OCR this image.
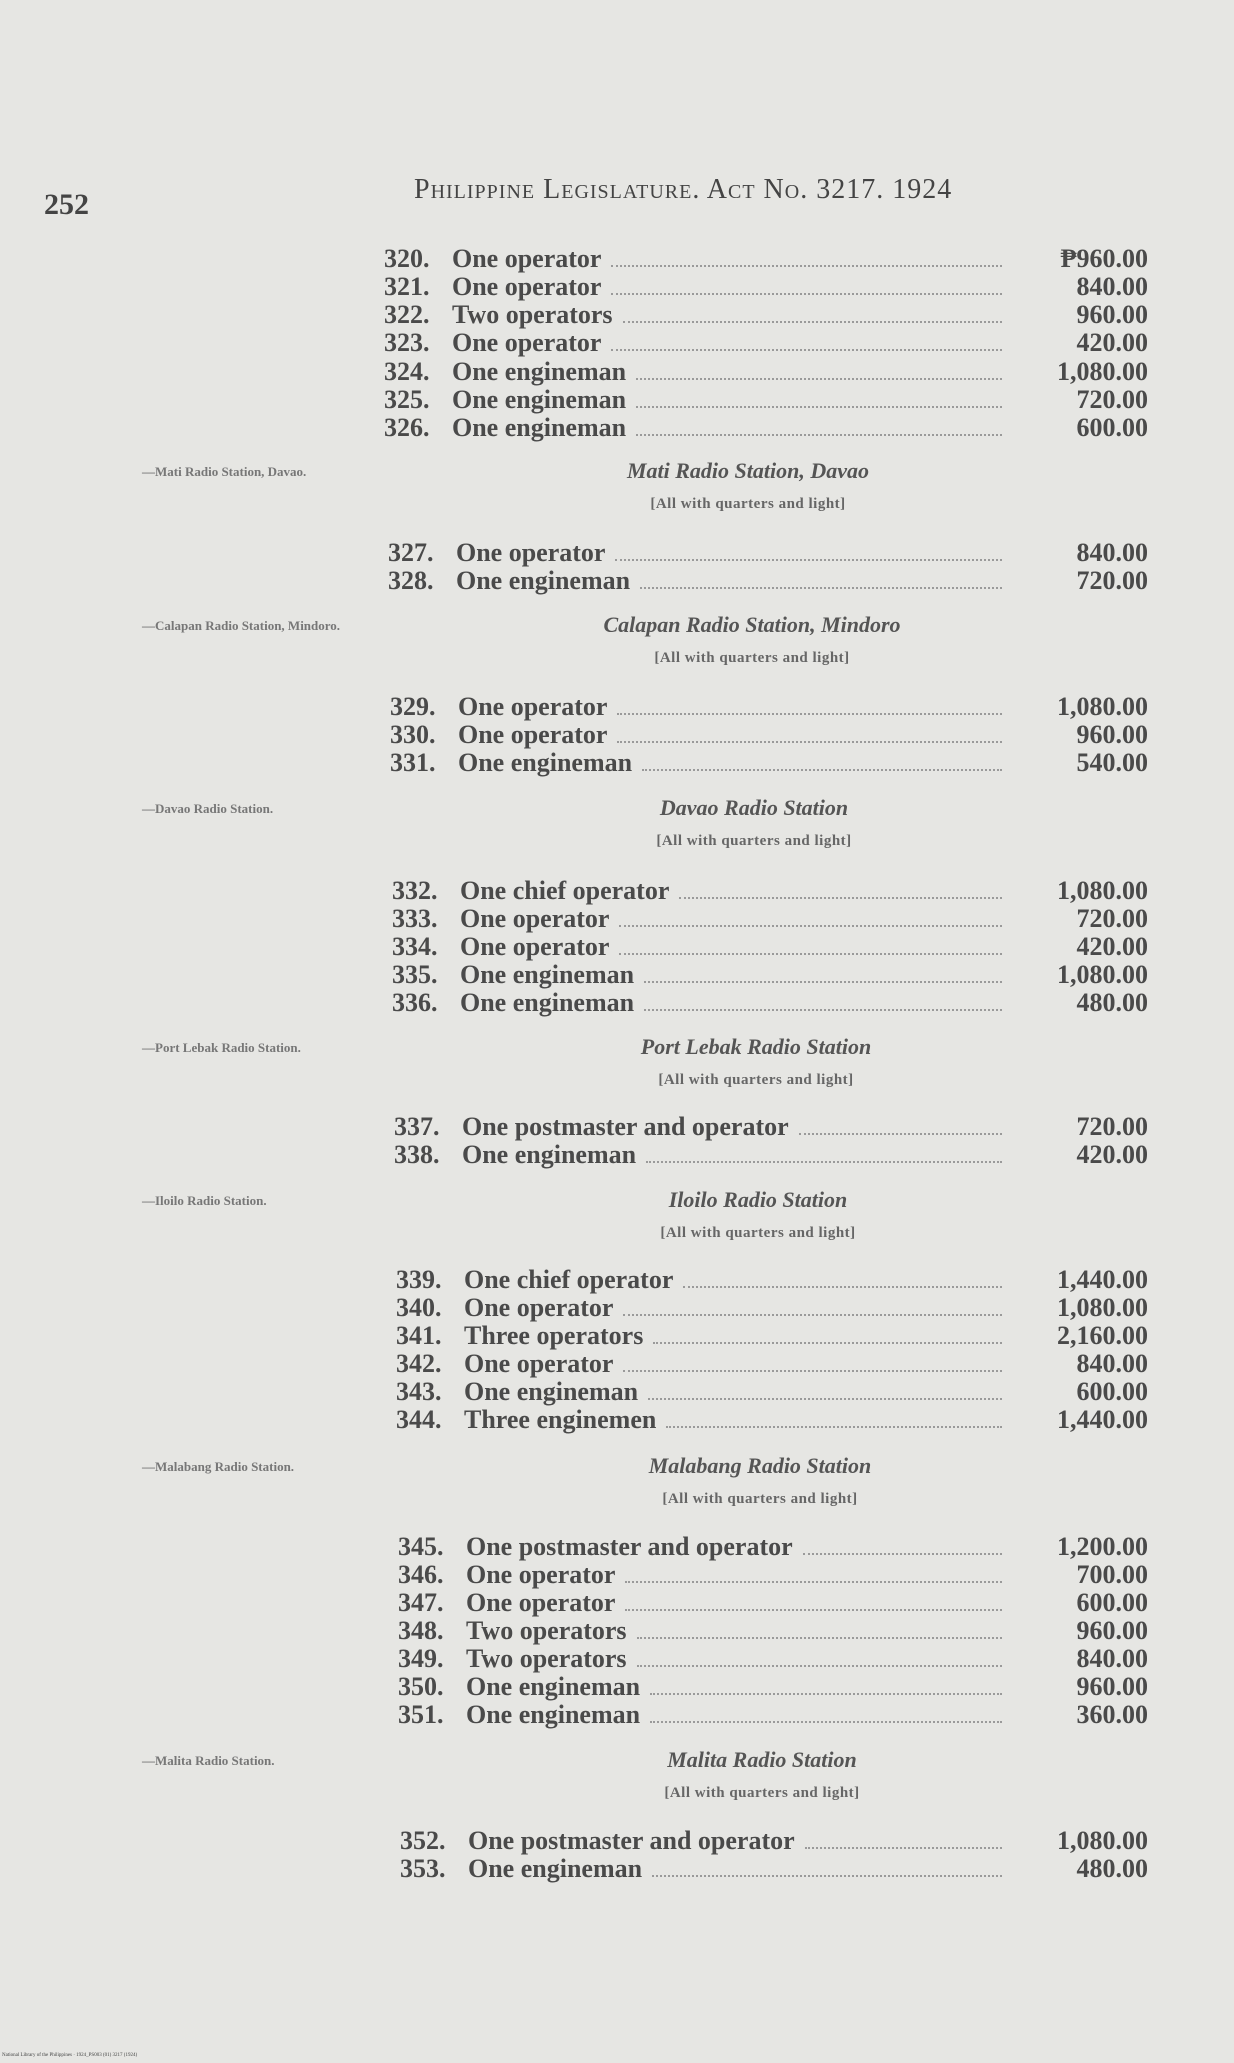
252	Philippine Legislature. Act No. 3217. 1924
320. One operator	₱960.00
321. One operator	840.00
322. Two operators	960.00
323. One operator	420.00
324. One engineman	1,080.00
325. One engineman	720.00
326. One engineman	600.00
327. One operator	840.00
328. One engineman	720.00
329. One operator	1,080.00
330. One operator	960.00
331. One engineman	540.00
332. One chief operator	1,080.00
333. One operator	720.00
334. One operator	420.00
335. One engineman	1,080.00
336. One engineman	480.00
337. One postmaster and operator	720.00
338. One engineman	420.00
339. One chief operator	1,440.00
340. One operator	1,080.00
341. Three operators	2,160.00
342. One operator	840.00
343. One engineman	600.00
344. Three enginemen	1,440.00
345. One postmaster and operator	1,200.00
346. One operator	700.00
347. One operator	600.00
348. Two operators	960.00
349. Two operators	840.00
350. One engineman	960.00
351. One engineman	360.00
352. One postmaster and operator	1,080.00
353. One engineman	480.00
Mati Radio Station, Davao
[All with quarters and light]
—Mati Radio Station, Davao.
Calapan Radio Station, Mindoro
[All with quarters and light]
—Calapan Radio Station, Mindoro.
Davao Radio Station
[All with quarters and light]
—Davao Radio Station.
Port Lebak Radio Station
[All with quarters and light]
—Port Lebak Radio Station.
Iloilo Radio Station
[All with quarters and light]
—Iloilo Radio Station.
Malabang Radio Station
[All with quarters and light]
—Malabang Radio Station.
Malita Radio Station
[All with quarters and light]
—Malita Radio Station.
National Library of the Philippines · 1924_PS003 (01) 3217 (1924)
